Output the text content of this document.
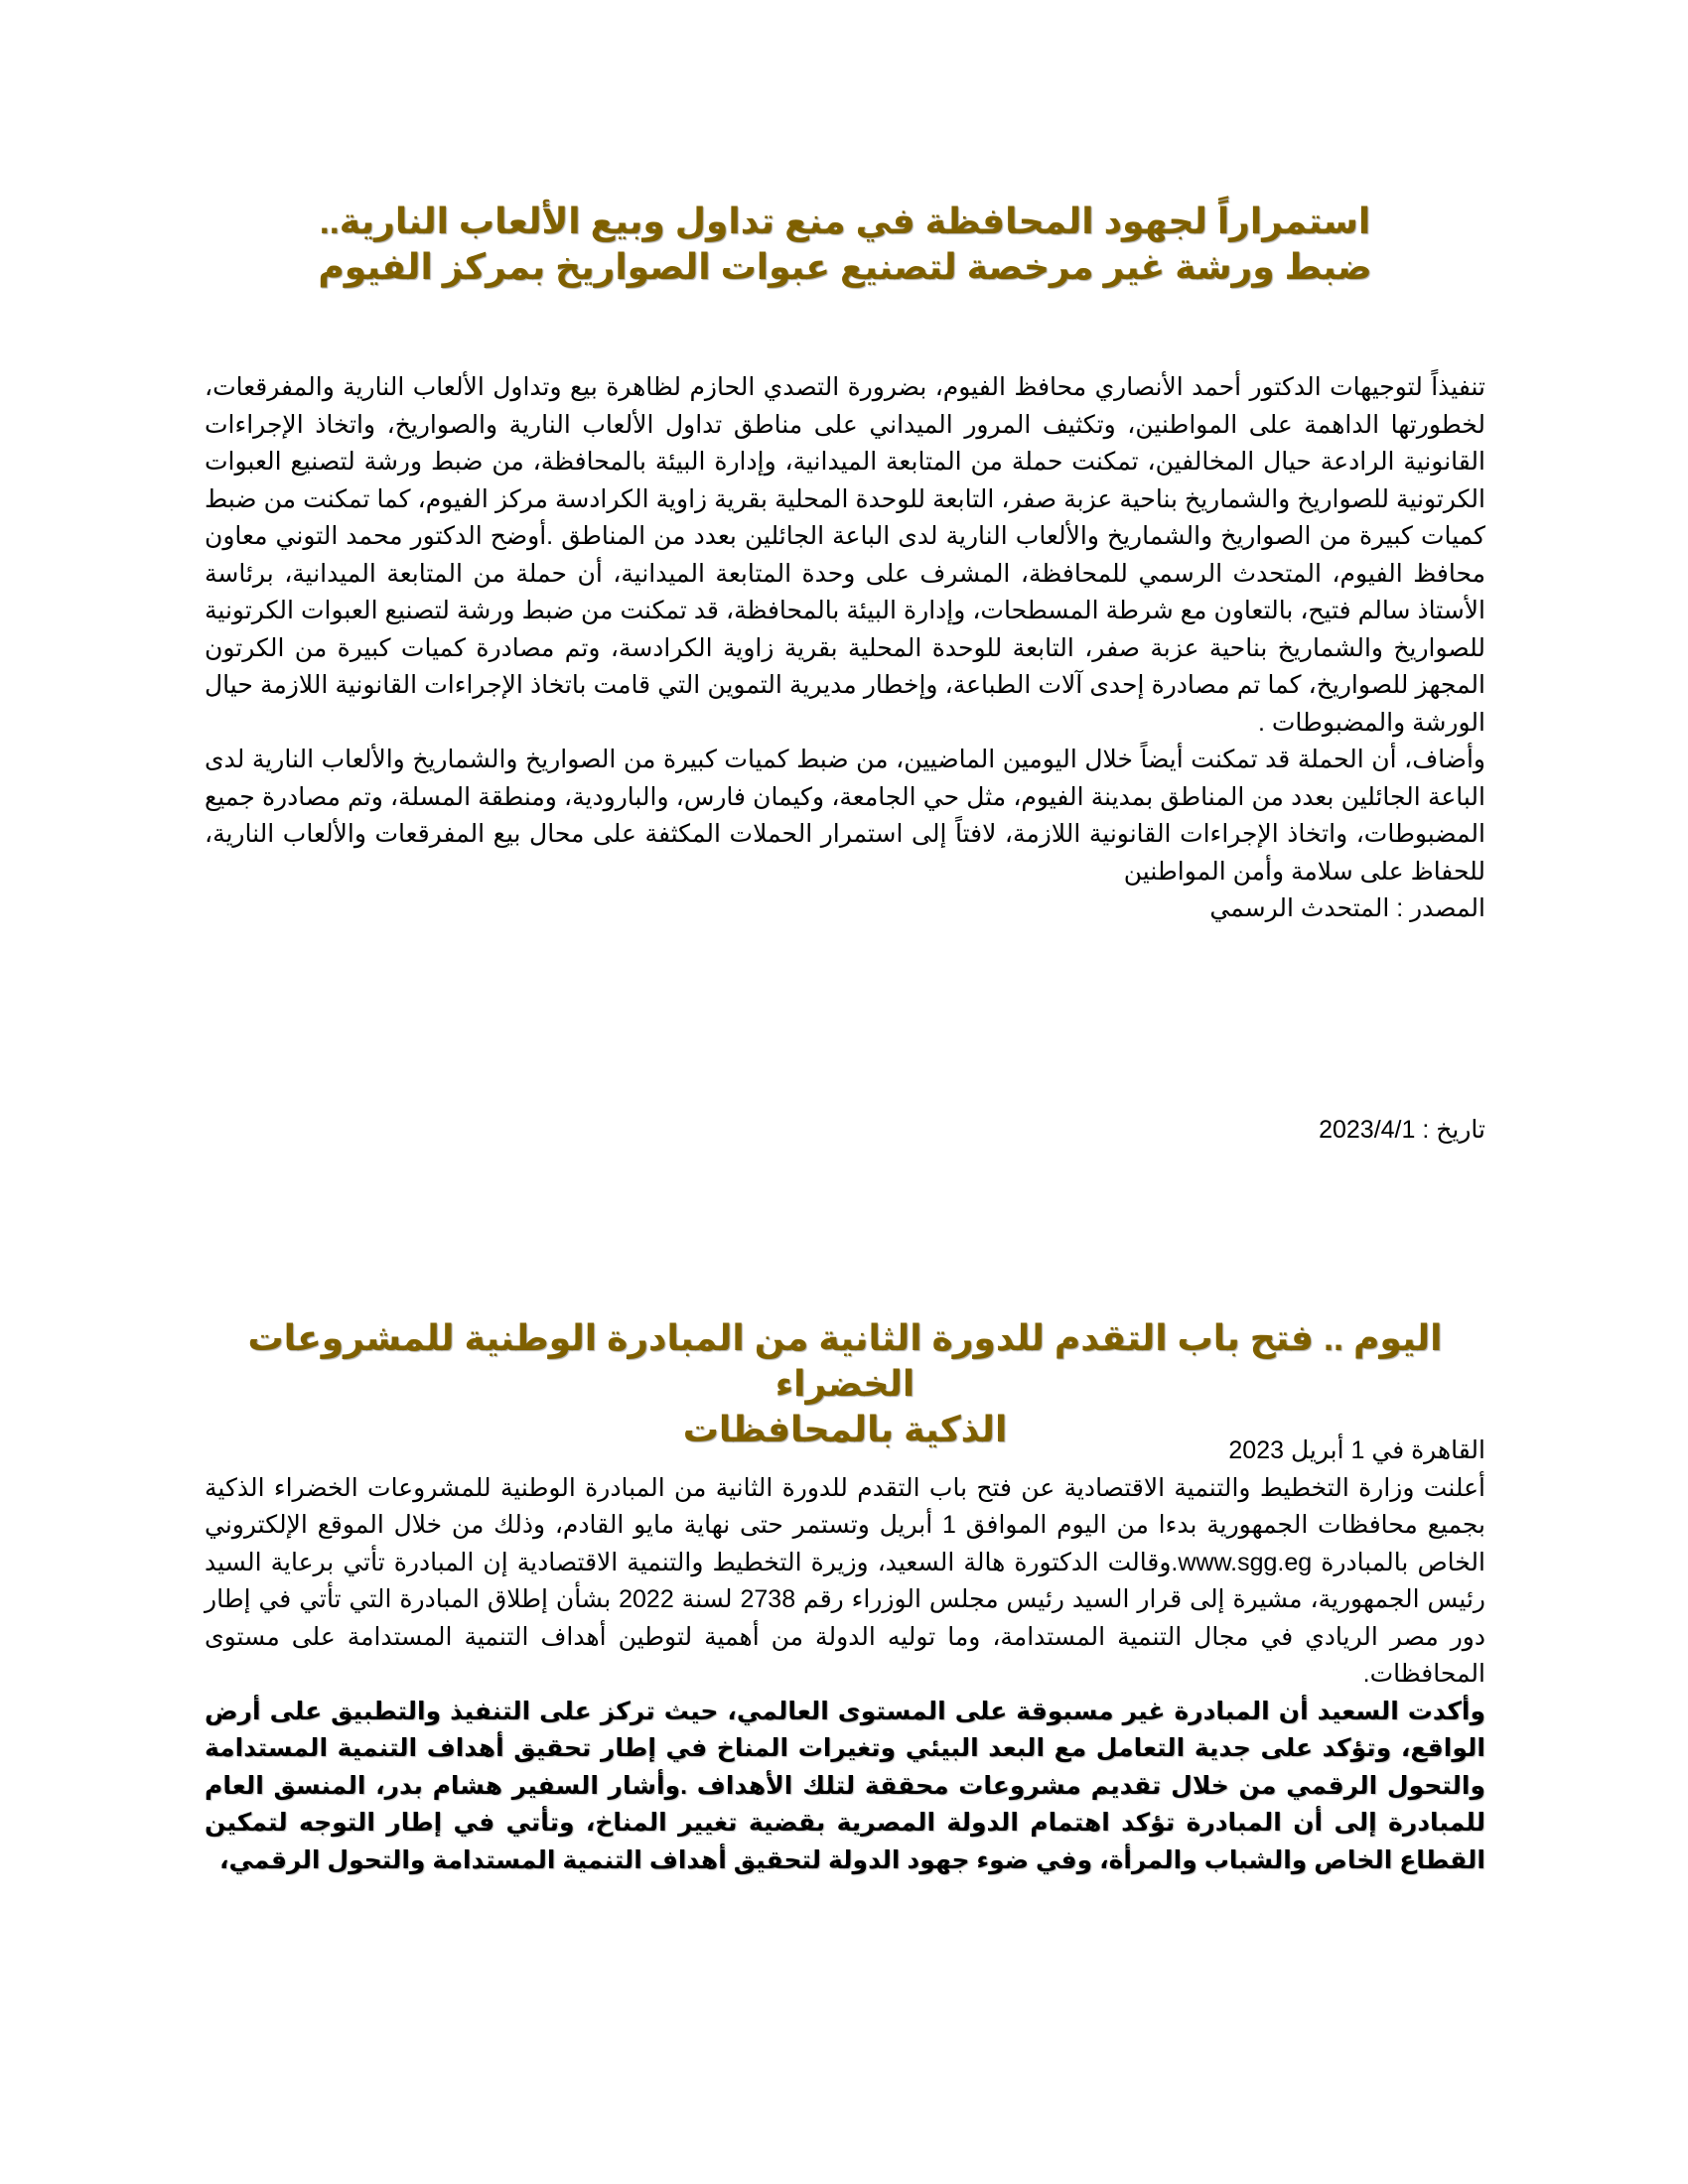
استمراراً لجهود المحافظة في منع تداول وبيع الألعاب النارية..
ضبط ورشة غير مرخصة لتصنيع عبوات الصواريخ بمركز الفيوم

تنفيذاً لتوجيهات الدكتور أحمد الأنصاري محافظ الفيوم، بضرورة التصدي الحازم لظاهرة بيع وتداول الألعاب النارية والمفرقعات، لخطورتها الداهمة على المواطنين، وتكثيف المرور الميداني على مناطق تداول الألعاب النارية والصواريخ، واتخاذ الإجراءات القانونية الرادعة حيال المخالفين، تمكنت حملة من المتابعة الميدانية، وإدارة البيئة بالمحافظة، من ضبط ورشة لتصنيع العبوات الكرتونية للصواريخ والشماريخ بناحية عزبة صفر، التابعة للوحدة المحلية بقرية زاوية الكرادسة مركز الفيوم، كما تمكنت من ضبط كميات كبيرة من الصواريخ والشماريخ والألعاب النارية لدى الباعة الجائلين بعدد من المناطق .أوضح الدكتور محمد التوني معاون محافظ الفيوم، المتحدث الرسمي للمحافظة، المشرف على وحدة المتابعة الميدانية، أن حملة من المتابعة الميدانية، برئاسة الأستاذ سالم فتيح، بالتعاون مع شرطة المسطحات، وإدارة البيئة بالمحافظة، قد تمكنت من ضبط ورشة لتصنيع العبوات الكرتونية للصواريخ والشماريخ بناحية عزبة صفر، التابعة للوحدة المحلية بقرية زاوية الكرادسة، وتم مصادرة كميات كبيرة من الكرتون المجهز للصواريخ، كما تم مصادرة إحدى آلات الطباعة، وإخطار مديرية التموين التي قامت باتخاذ الإجراءات القانونية اللازمة حيال الورشة والمضبوطات .

وأضاف، أن الحملة قد تمكنت أيضاً خلال اليومين الماضيين، من ضبط كميات كبيرة من الصواريخ والشماريخ والألعاب النارية لدى الباعة الجائلين بعدد من المناطق بمدينة الفيوم، مثل حي الجامعة، وكيمان فارس، والبارودية، ومنطقة المسلة، وتم مصادرة جميع المضبوطات، واتخاذ الإجراءات القانونية اللازمة، لافتاً إلى استمرار الحملات المكثفة على محال بيع المفرقعات والألعاب النارية، للحفاظ على سلامة وأمن المواطنين

المصدر : المتحدث الرسمي

تاريخ : 2023/4/1
اليوم .. فتح باب التقدم للدورة الثانية من المبادرة الوطنية للمشروعات الخضراء
الذكية بالمحافظات
القاهرة في 1 أبريل 2023

أعلنت وزارة التخطيط والتنمية الاقتصادية عن فتح باب التقدم للدورة الثانية من المبادرة الوطنية للمشروعات الخضراء الذكية بجميع محافظات الجمهورية بدءا من اليوم الموافق 1 أبريل وتستمر حتى نهاية مايو القادم، وذلك من خلال الموقع الإلكتروني الخاص بالمبادرة www.sgg.eg.وقالت الدكتورة هالة السعيد، وزيرة التخطيط والتنمية الاقتصادية إن المبادرة تأتي برعاية السيد رئيس الجمهورية، مشيرة إلى قرار السيد رئيس مجلس الوزراء رقم 2738 لسنة 2022 بشأن إطلاق المبادرة التي تأتي في إطار دور مصر الريادي في مجال التنمية المستدامة، وما توليه الدولة من أهمية لتوطين أهداف التنمية المستدامة على مستوى المحافظات.

وأكدت السعيد أن المبادرة غير مسبوقة على المستوى العالمي، حيث تركز على التنفيذ والتطبيق على أرض الواقع، وتؤكد على جدية التعامل مع البعد البيئي وتغيرات المناخ في إطار تحقيق أهداف التنمية المستدامة والتحول الرقمي من خلال تقديم مشروعات محققة لتلك الأهداف .وأشار السفير هشام بدر، المنسق العام للمبادرة إلى أن المبادرة تؤكد اهتمام الدولة المصرية بقضية تغيير المناخ، وتأتي في إطار التوجه لتمكين القطاع الخاص والشباب والمرأة، وفي ضوء جهود الدولة لتحقيق أهداف التنمية المستدامة والتحول الرقمي،
